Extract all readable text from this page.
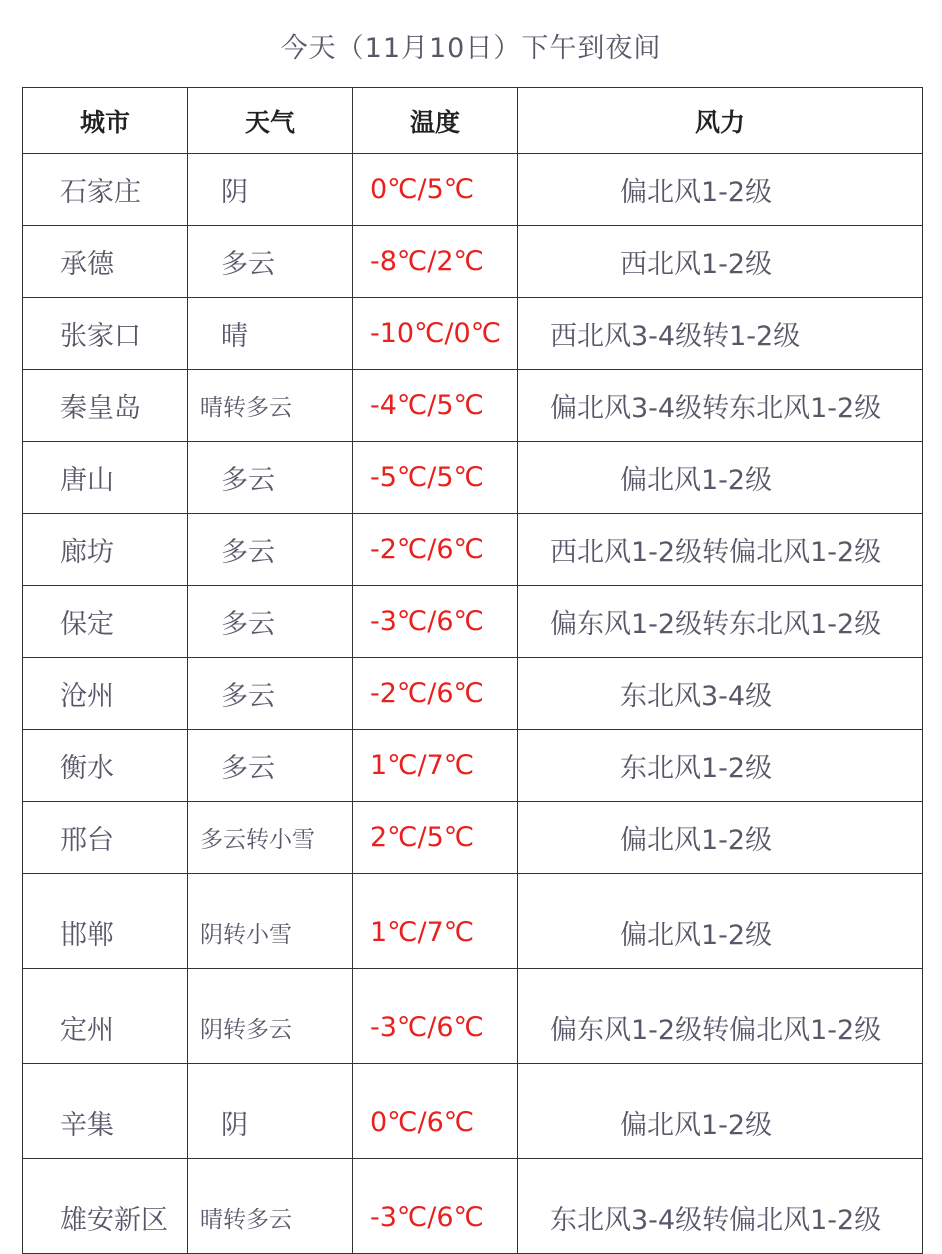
今天（11月10日）下午到夜间
城市	天气	温度	风力
石家庄	阴	0℃/5℃	偏北风1-2级
承德	多云	-8℃/2℃	西北风1-2级
张家口	晴	-10℃/0℃	西北风3-4级转1-2级
秦皇岛	晴转多云	-4℃/5℃	偏北风3-4级转东北风1-2级
唐山	多云	-5℃/5℃	偏北风1-2级
廊坊	多云	-2℃/6℃	西北风1-2级转偏北风1-2级
保定	多云	-3℃/6℃	偏东风1-2级转东北风1-2级
沧州	多云	-2℃/6℃	东北风3-4级
衡水	多云	1℃/7℃	东北风1-2级
邢台	多云转小雪	2℃/5℃	偏北风1-2级
邯郸	阴转小雪	1℃/7℃	偏北风1-2级
定州	阴转多云	-3℃/6℃	偏东风1-2级转偏北风1-2级
辛集	阴	0℃/6℃	偏北风1-2级
雄安新区	晴转多云	-3℃/6℃	东北风3-4级转偏北风1-2级
